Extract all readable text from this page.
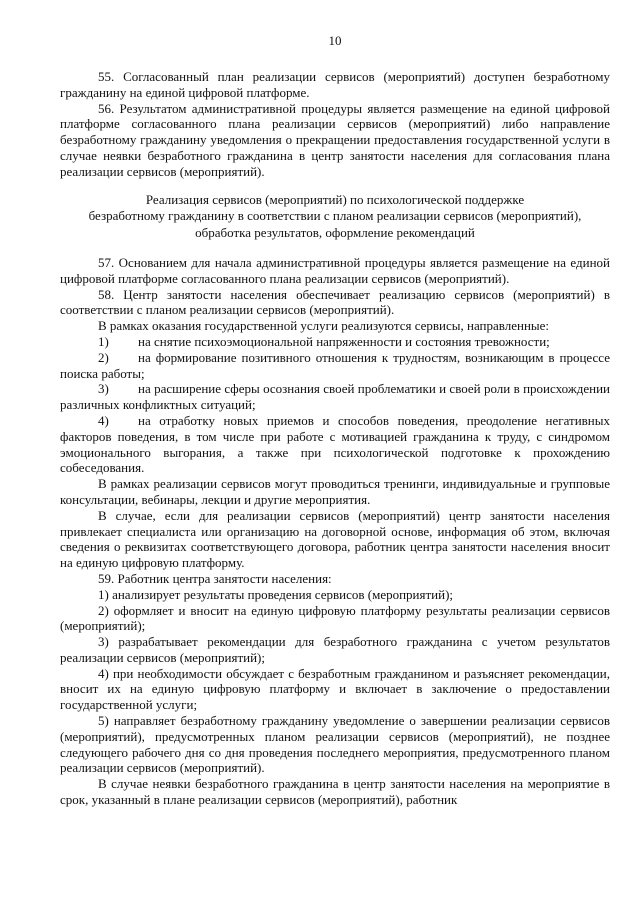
10

55. Согласованный план реализации сервисов (мероприятий) доступен безработному гражданину на единой цифровой платформе.

56. Результатом административной процедуры является размещение на единой цифровой платформе согласованного плана реализации сервисов (мероприятий) либо направление безработному гражданину уведомления о прекращении предоставления государственной услуги в случае неявки безработного гражданина в центр занятости населения для согласования плана реализации сервисов (мероприятий).

Реализация сервисов (мероприятий) по психологической поддержке
безработному гражданину в соответствии с планом реализации сервисов (мероприятий),
обработка результатов, оформление рекомендаций

57. Основанием для начала административной процедуры является размещение на единой цифровой платформе согласованного плана реализации сервисов (мероприятий).

58. Центр занятости населения обеспечивает реализацию сервисов (мероприятий) в соответствии с планом реализации сервисов (мероприятий).

В рамках оказания государственной услуги реализуются сервисы, направленные:

1) на снятие психоэмоциональной напряженности и состояния тревожности;

2) на формирование позитивного отношения к трудностям, возникающим в процессе поиска работы;

3) на расширение сферы осознания своей проблематики и своей роли в происхождении различных конфликтных ситуаций;

4) на отработку новых приемов и способов поведения, преодоление негативных факторов поведения, в том числе при работе с мотивацией гражданина к труду, с синдромом эмоционального выгорания, а также при психологической подготовке к прохождению собеседования.

В рамках реализации сервисов могут проводиться тренинги, индивидуальные и групповые консультации, вебинары, лекции и другие мероприятия.

В случае, если для реализации сервисов (мероприятий) центр занятости населения привлекает специалиста или организацию на договорной основе, информация об этом, включая сведения о реквизитах соответствующего договора, работник центра занятости населения вносит на единую цифровую платформу.

59. Работник центра занятости населения:

1) анализирует результаты проведения сервисов (мероприятий);

2) оформляет и вносит на единую цифровую платформу результаты реализации сервисов (мероприятий);

3) разрабатывает рекомендации для безработного гражданина с учетом результатов реализации сервисов (мероприятий);

4) при необходимости обсуждает с безработным гражданином и разъясняет рекомендации, вносит их на единую цифровую платформу и включает в заключение о предоставлении государственной услуги;

5) направляет безработному гражданину уведомление о завершении реализации сервисов (мероприятий), предусмотренных планом реализации сервисов (мероприятий), не позднее следующего рабочего дня со дня проведения последнего мероприятия, предусмотренного планом реализации сервисов (мероприятий).

В случае неявки безработного гражданина в центр занятости населения на мероприятие в срок, указанный в плане реализации сервисов (мероприятий), работник
